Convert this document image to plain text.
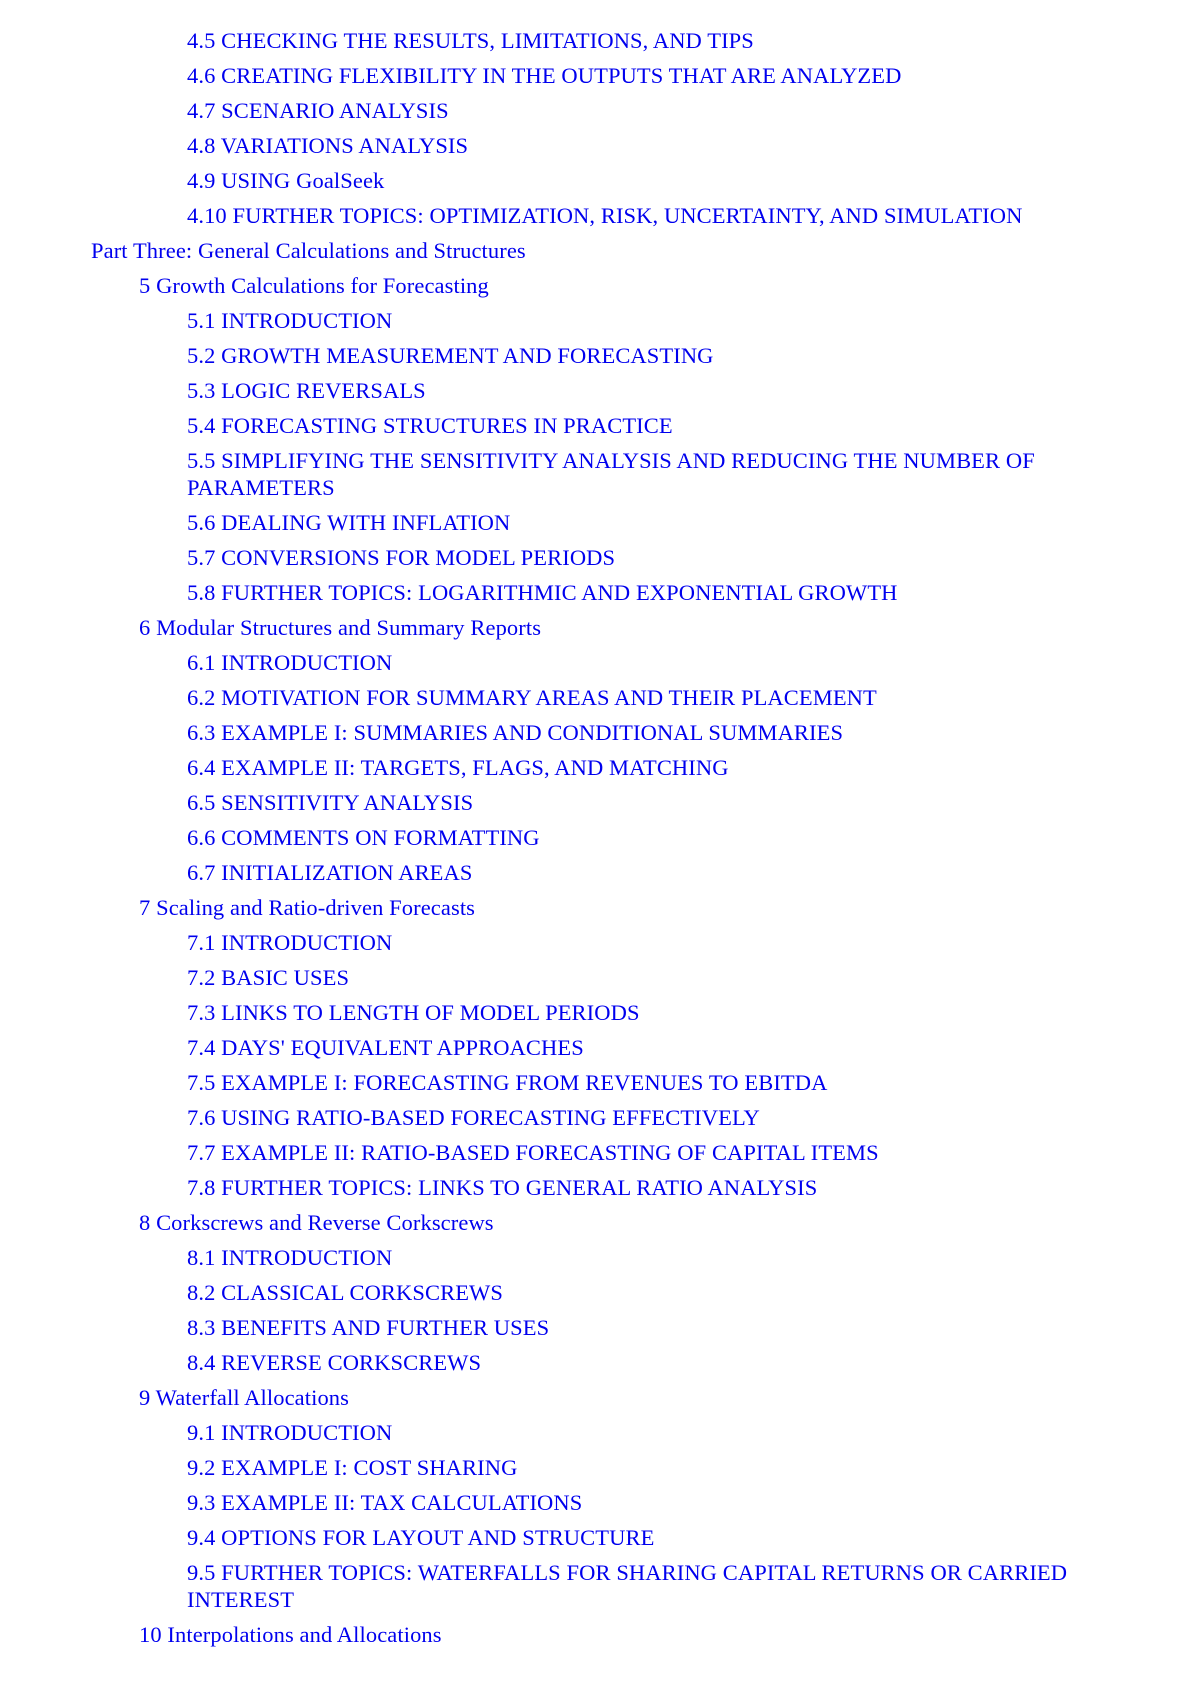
4.5 CHECKING THE RESULTS, LIMITATIONS, AND TIPS
4.6 CREATING FLEXIBILITY IN THE OUTPUTS THAT ARE ANALYZED
4.7 SCENARIO ANALYSIS
4.8 VARIATIONS ANALYSIS
4.9 USING GoalSeek
4.10 FURTHER TOPICS: OPTIMIZATION, RISK, UNCERTAINTY, AND SIMULATION
Part Three: General Calculations and Structures
5 Growth Calculations for Forecasting
5.1 INTRODUCTION
5.2 GROWTH MEASUREMENT AND FORECASTING
5.3 LOGIC REVERSALS
5.4 FORECASTING STRUCTURES IN PRACTICE
5.5 SIMPLIFYING THE SENSITIVITY ANALYSIS AND REDUCING THE NUMBER OF PARAMETERS
5.6 DEALING WITH INFLATION
5.7 CONVERSIONS FOR MODEL PERIODS
5.8 FURTHER TOPICS: LOGARITHMIC AND EXPONENTIAL GROWTH
6 Modular Structures and Summary Reports
6.1 INTRODUCTION
6.2 MOTIVATION FOR SUMMARY AREAS AND THEIR PLACEMENT
6.3 EXAMPLE I: SUMMARIES AND CONDITIONAL SUMMARIES
6.4 EXAMPLE II: TARGETS, FLAGS, AND MATCHING
6.5 SENSITIVITY ANALYSIS
6.6 COMMENTS ON FORMATTING
6.7 INITIALIZATION AREAS
7 Scaling and Ratio-driven Forecasts
7.1 INTRODUCTION
7.2 BASIC USES
7.3 LINKS TO LENGTH OF MODEL PERIODS
7.4 DAYS' EQUIVALENT APPROACHES
7.5 EXAMPLE I: FORECASTING FROM REVENUES TO EBITDA
7.6 USING RATIO-BASED FORECASTING EFFECTIVELY
7.7 EXAMPLE II: RATIO-BASED FORECASTING OF CAPITAL ITEMS
7.8 FURTHER TOPICS: LINKS TO GENERAL RATIO ANALYSIS
8 Corkscrews and Reverse Corkscrews
8.1 INTRODUCTION
8.2 CLASSICAL CORKSCREWS
8.3 BENEFITS AND FURTHER USES
8.4 REVERSE CORKSCREWS
9 Waterfall Allocations
9.1 INTRODUCTION
9.2 EXAMPLE I: COST SHARING
9.3 EXAMPLE II: TAX CALCULATIONS
9.4 OPTIONS FOR LAYOUT AND STRUCTURE
9.5 FURTHER TOPICS: WATERFALLS FOR SHARING CAPITAL RETURNS OR CARRIED INTEREST
10 Interpolations and Allocations
